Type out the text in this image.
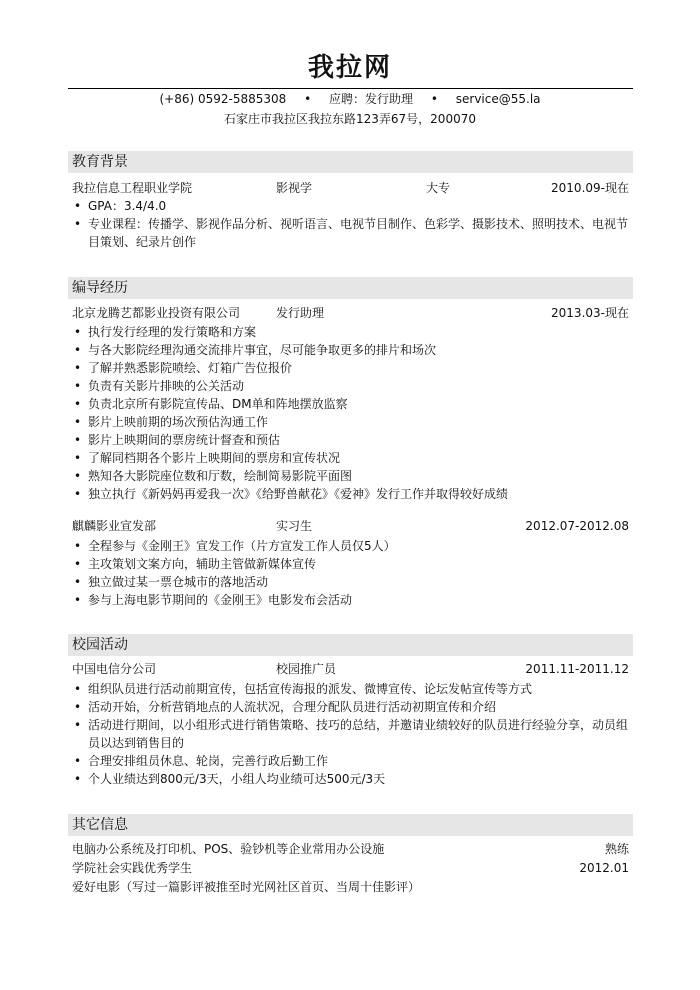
我拉网
(+86) 0592-5885308 • 应聘：发行助理 • service@55.la
石家庄市我拉区我拉东路123弄67号，200070
教育背景
我拉信息工程职业学院	影视学	大专	2010.09-现在
• GPA：3.4/4.0
• 专业课程：传播学、影视作品分析、视听语言、电视节目制作、色彩学、摄影技术、照明技术、电视节目策划、纪录片创作
编导经历
北京龙腾艺都影业投资有限公司	发行助理	2013.03-现在
• 执行发行经理的发行策略和方案
• 与各大影院经理沟通交流排片事宜，尽可能争取更多的排片和场次
• 了解并熟悉影院喷绘、灯箱广告位报价
• 负责有关影片排映的公关活动
• 负责北京所有影院宣传品、DM单和阵地摆放监察
• 影片上映前期的场次预估沟通工作
• 影片上映期间的票房统计督查和预估
• 了解同档期各个影片上映期间的票房和宣传状况
• 熟知各大影院座位数和厅数，绘制简易影院平面图
• 独立执行《新妈妈再爱我一次》《给野兽献花》《爱神》发行工作并取得较好成绩
麒麟影业宣发部	实习生	2012.07-2012.08
• 全程参与《金刚王》宣发工作（片方宣发工作人员仅5人）
• 主攻策划文案方向，辅助主管做新媒体宣传
• 独立做过某一票仓城市的落地活动
• 参与上海电影节期间的《金刚王》电影发布会活动
校园活动
中国电信分公司	校园推广员	2011.11-2011.12
• 组织队员进行活动前期宣传，包括宣传海报的派发、微博宣传、论坛发帖宣传等方式
• 活动开始，分析营销地点的人流状况，合理分配队员进行活动初期宣传和介绍
• 活动进行期间，以小组形式进行销售策略、技巧的总结，并邀请业绩较好的队员进行经验分享，动员组员以达到销售目的
• 合理安排组员休息、轮岗，完善行政后勤工作
• 个人业绩达到800元/3天，小组人均业绩可达500元/3天
其它信息
电脑办公系统及打印机、POS、验钞机等企业常用办公设施	熟练
学院社会实践优秀学生	2012.01
爱好电影（写过一篇影评被推至时光网社区首页、当周十佳影评）
